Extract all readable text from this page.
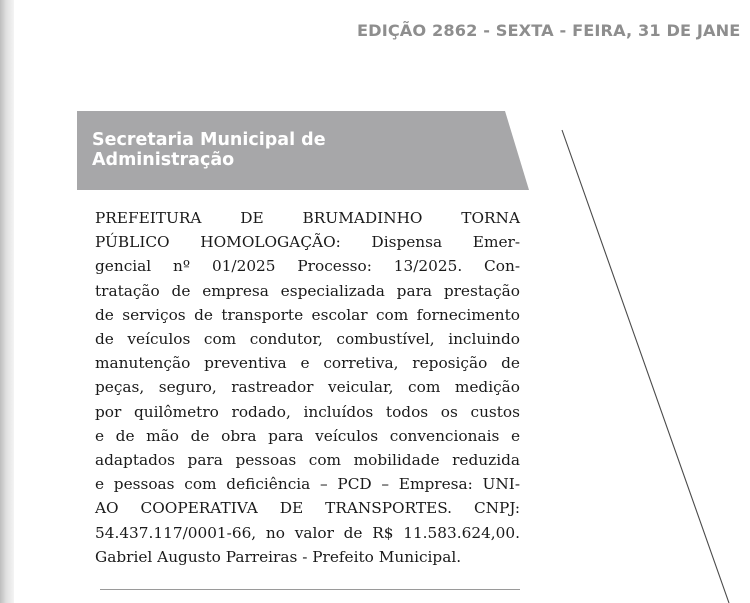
EDIÇÃO 2862 - SEXTA - FEIRA, 31 DE JANE
Secretaria Municipal de Administração
PREFEITURA DE BRUMADINHO TORNA
PÚBLICO HOMOLOGAÇÃO: Dispensa Emer-
gencial nº 01/2025 Processo: 13/2025. Con-
tratação de empresa especializada para prestação
de serviços de transporte escolar com fornecimento
de veículos com condutor, combustível, incluindo
manutenção preventiva e corretiva, reposição de
peças, seguro, rastreador veicular, com medição
por quilômetro rodado, incluídos todos os custos
e de mão de obra para veículos convencionais e
adaptados para pessoas com mobilidade reduzida
e pessoas com deficiência – PCD – Empresa: UNI-
AO COOPERATIVA DE TRANSPORTES. CNPJ:
54.437.117/0001-66, no valor de R$ 11.583.624,00.
Gabriel Augusto Parreiras - Prefeito Municipal.
